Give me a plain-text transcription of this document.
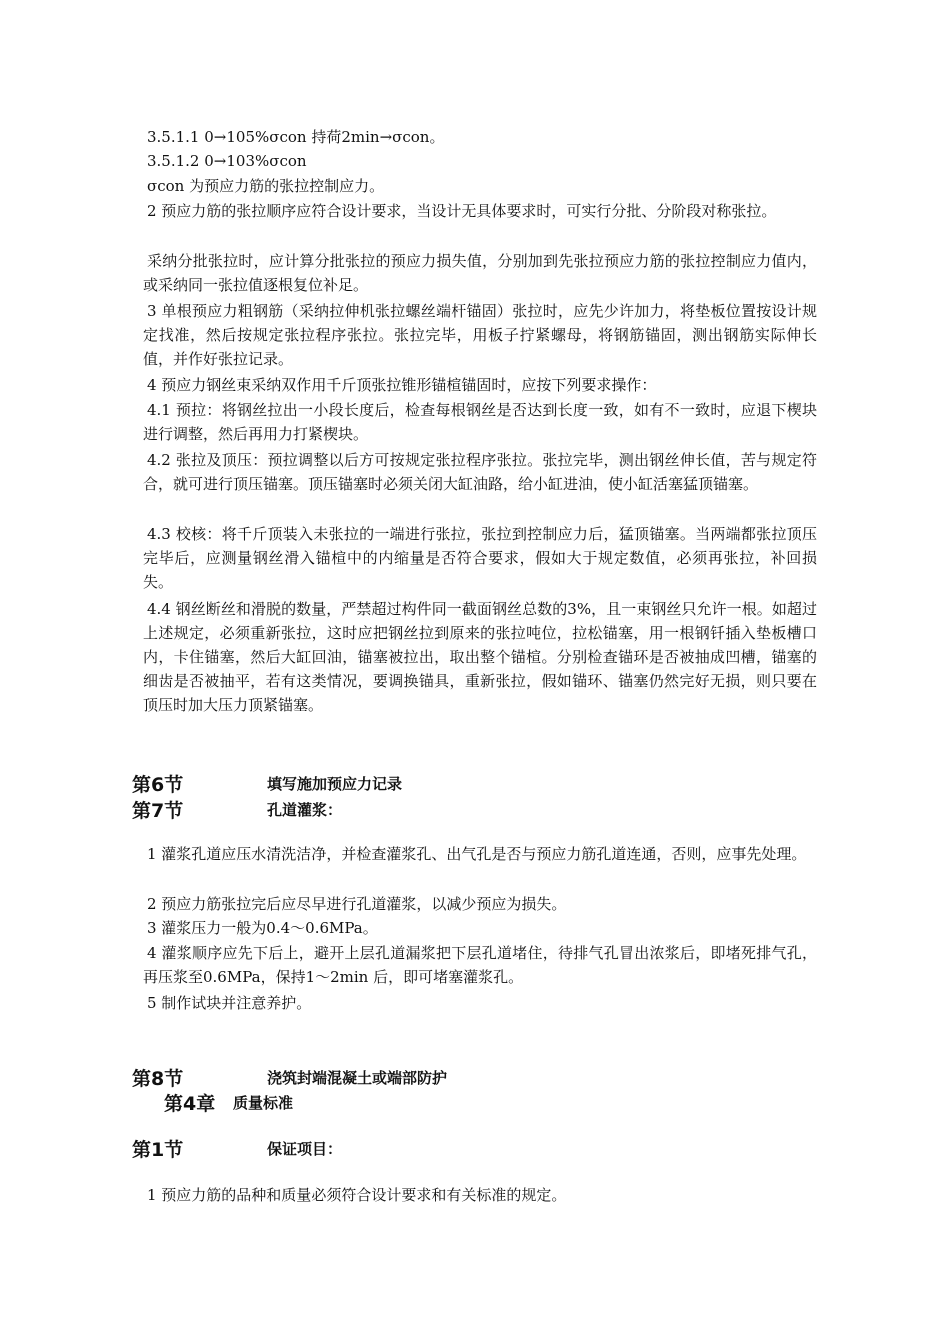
3.5.1.1 0→105%σcon 持荷2min→σcon。
3.5.1.2 0→103%σcon
σcon 为预应力筋的张拉控制应力。

2 预应力筋的张拉顺序应符合设计要求，当设计无具体要求时，可实行分批、分阶段对称张拉。

采纳分批张拉时，应计算分批张拉的预应力损失值，分别加到先张拉预应力筋的张拉控制应力值内，或采纳同一张拉值逐根复位补足。

3 单根预应力粗钢筋（采纳拉伸机张拉螺丝端杆锚固）张拉时，应先少许加力，将垫板位置按设计规定找准，然后按规定张拉程序张拉。张拉完毕，用板子拧紧螺母，将钢筋锚固，测出钢筋实际伸长值，并作好张拉记录。

4 预应力钢丝束采纳双作用千斤顶张拉锥形锚楦锚固时，应按下列要求操作：

4.1 预拉：将钢丝拉出一小段长度后，检查每根钢丝是否达到长度一致，如有不一致时，应退下楔块进行调整，然后再用力打紧楔块。

4.2 张拉及顶压：预拉调整以后方可按规定张拉程序张拉。张拉完毕，测出钢丝伸长值，苦与规定符合，就可进行顶压锚塞。顶压锚塞时必须关闭大缸油路，给小缸进油，使小缸活塞猛顶锚塞。

4.3 校核：将千斤顶装入未张拉的一端进行张拉，张拉到控制应力后，猛顶锚塞。当两端都张拉顶压完毕后，应测量钢丝滑入锚楦中的内缩量是否符合要求，假如大于规定数值，必须再张拉，补回损失。

4.4 钢丝断丝和滑脱的数量，严禁超过构件同一截面钢丝总数的3%，且一束钢丝只允许一根。如超过上述规定，必须重新张拉，这时应把钢丝拉到原来的张拉吨位，拉松锚塞，用一根钢钎插入垫板槽口内，卡住锚塞，然后大缸回油，锚塞被拉出，取出整个锚楦。分别检查锚环是否被抽成凹槽，锚塞的细齿是否被抽平，若有这类情况，要调换锚具，重新张拉，假如锚环、锚塞仍然完好无损，则只要在顶压时加大压力顶紧锚塞。

第6节	填写施加预应力记录
第7节	孔道灌浆：

1 灌浆孔道应压水清洗洁净，并检查灌浆孔、出气孔是否与预应力筋孔道连通，否则，应事先处理。

2 预应力筋张拉完后应尽早进行孔道灌浆，以减少预应为损失。

3 灌浆压力一般为0.4～0.6MPa。

4 灌浆顺序应先下后上，避开上层孔道漏浆把下层孔道堵住，待排气孔冒出浓浆后，即堵死排气孔，再压浆至0.6MPa，保持1～2min 后，即可堵塞灌浆孔。

5 制作试块并注意养护。

第8节	浇筑封端混凝土或端部防护
第4章 质量标准
第1节	保证项目：

1 预应力筋的品种和质量必须符合设计要求和有关标准的规定。
